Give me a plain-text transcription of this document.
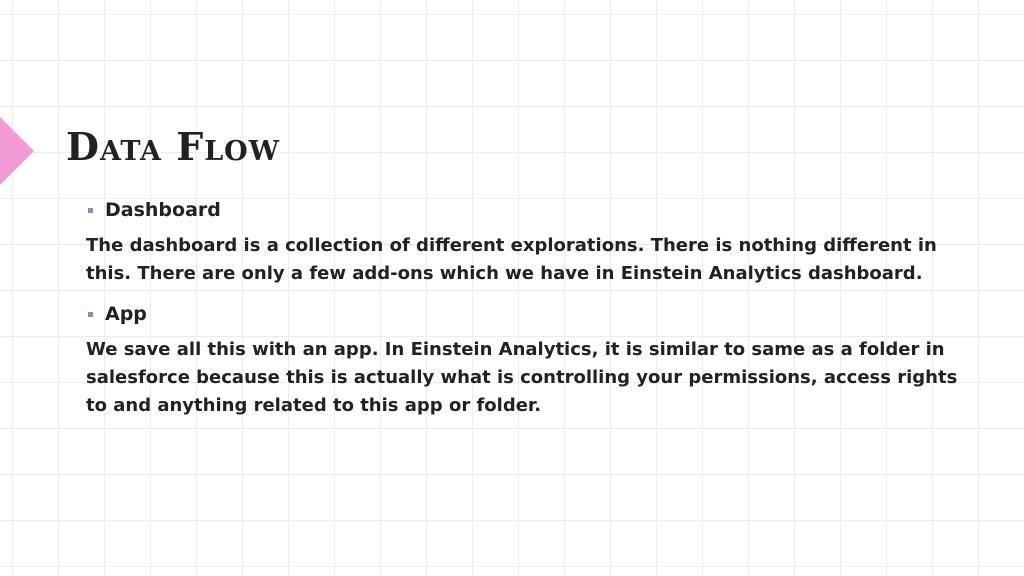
Data Flow
Dashboard

The dashboard is a collection of different explorations. There is nothing different in this. There are only a few add-ons which we have in Einstein Analytics dashboard.

App

We save all this with an app. In Einstein Analytics, it is similar to same as a folder in salesforce because this is actually what is controlling your permissions, access rights to and anything related to this app or folder.
